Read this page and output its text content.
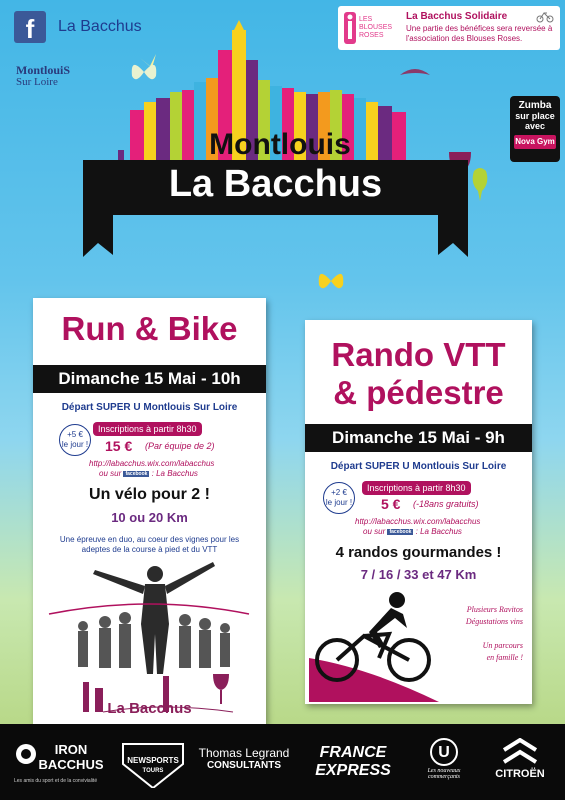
f	La Bacchus
MontlouiS
Sur Loire
LES
BLOUSES
ROSES
La Bacchus Solidaire
Une partie des bénéfices sera reversée à l'association des Blouses Roses.
Zumba
sur place
avec
Nova Gym
Montlouis
La Bacchus
Run & Bike
Dimanche 15 Mai - 10h
Départ SUPER U Montlouis Sur Loire
+5 €
le jour !
Inscriptions à partir 8h30
15 € (Par équipe de 2)
http://labacchus.wix.com/labacchus
ou sur facebook : La Bacchus
Un vélo pour 2 !
10 ou 20 Km
Une épreuve en duo, au coeur des vignes pour les adeptes de la course à pied et du VTT
La Bacchus
Rando VTT
& pédestre
Dimanche 15 Mai - 9h
Départ SUPER U Montlouis Sur Loire
+2 €
le jour !
Inscriptions à partir 8h30
5 € (-18ans gratuits)
http://labacchus.wix.com/labacchus
ou sur facebook : La Bacchus
4 randos gourmandes !
7 / 16 / 33 et 47 Km
Plusieurs Ravitos
Dégustations vins
Un parcours
en famille !
IRON BACCHUS
Les amis du sport et de la convivialité
NEWSPORTS
TOURS
Thomas Legrand
CONSULTANTS
FRANCE
EXPRESS
U
Les nouveaux commerçants	CITROËN
